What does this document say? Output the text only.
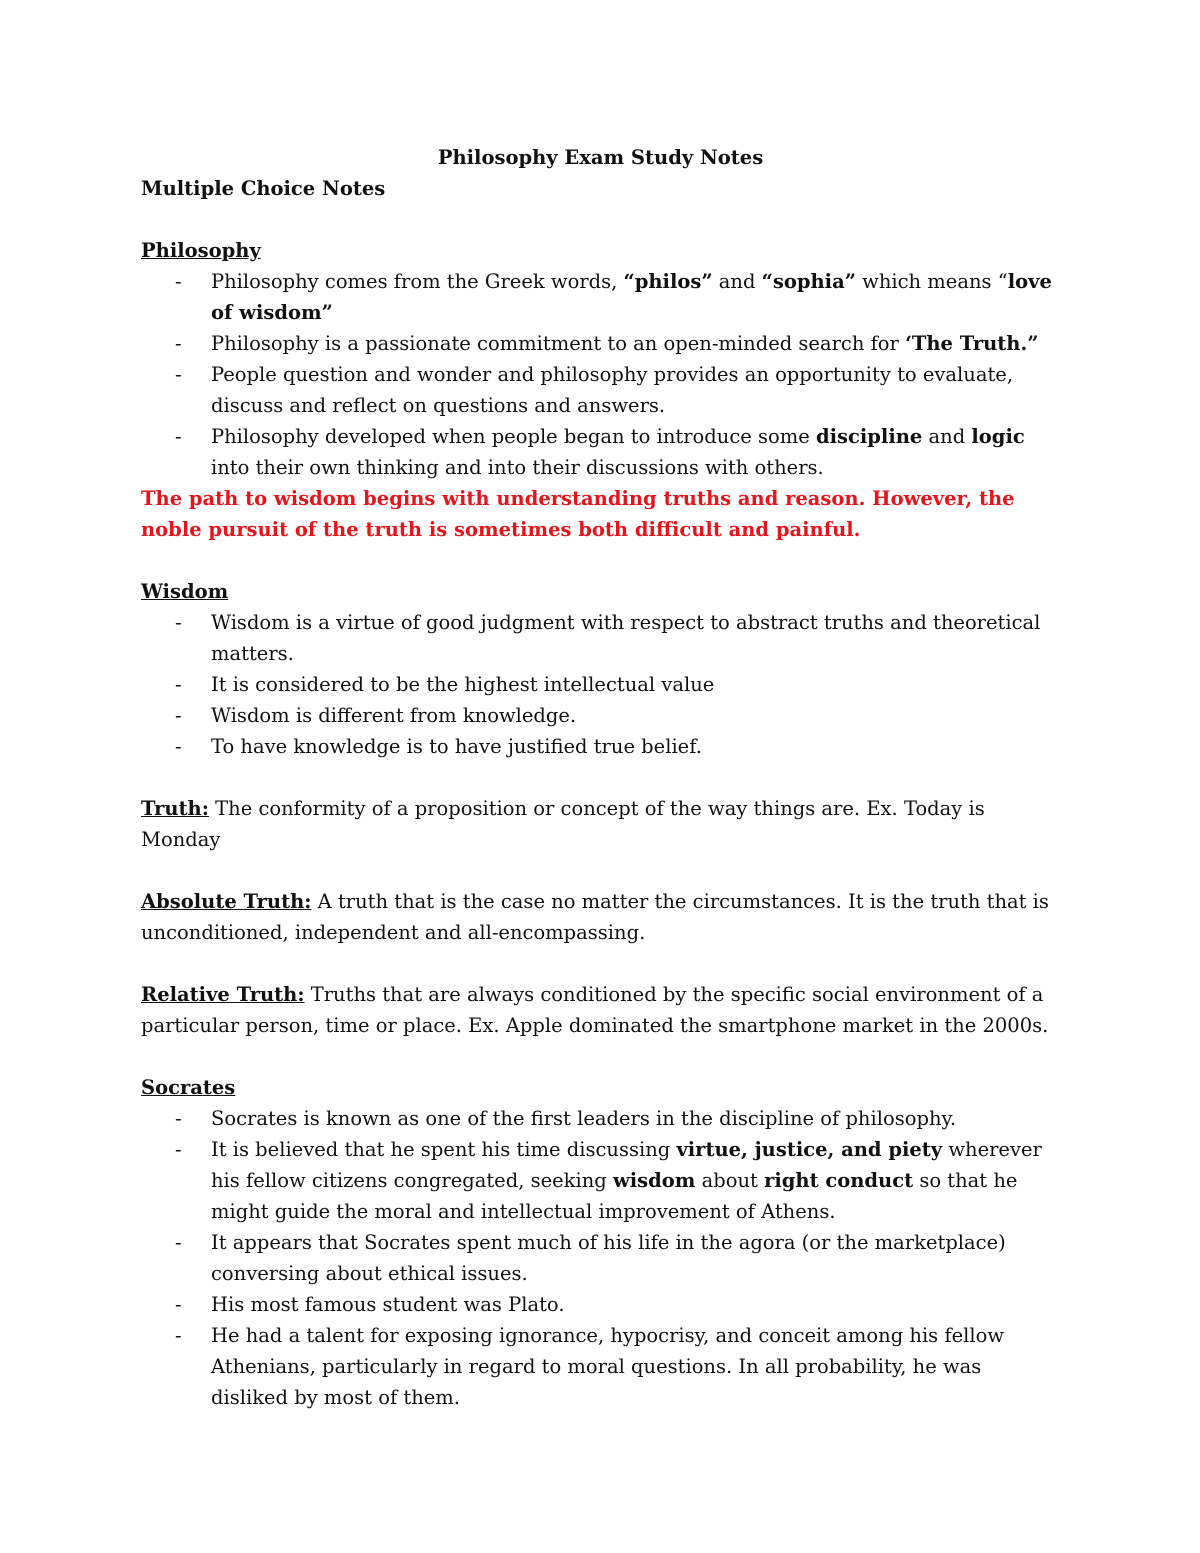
Philosophy Exam Study Notes

Multiple Choice Notes

Philosophy

- Philosophy comes from the Greek words, “philos” and “sophia” which means “love of wisdom”
- Philosophy is a passionate commitment to an open-minded search for ‘The Truth.”
- People question and wonder and philosophy provides an opportunity to evaluate, discuss and reflect on questions and answers.
- Philosophy developed when people began to introduce some discipline and logic into their own thinking and into their discussions with others.

The path to wisdom begins with understanding truths and reason. However, the noble pursuit of the truth is sometimes both difficult and painful.

Wisdom

- Wisdom is a virtue of good judgment with respect to abstract truths and theoretical matters.
- It is considered to be the highest intellectual value
- Wisdom is different from knowledge.
- To have knowledge is to have justified true belief.

Truth: The conformity of a proposition or concept of the way things are. Ex. Today is Monday

Absolute Truth: A truth that is the case no matter the circumstances. It is the truth that is unconditioned, independent and all-encompassing.

Relative Truth: Truths that are always conditioned by the specific social environment of a particular person, time or place. Ex. Apple dominated the smartphone market in the 2000s.

Socrates

- Socrates is known as one of the first leaders in the discipline of philosophy.
- It is believed that he spent his time discussing virtue, justice, and piety wherever his fellow citizens congregated, seeking wisdom about right conduct so that he might guide the moral and intellectual improvement of Athens.
- It appears that Socrates spent much of his life in the agora (or the marketplace) conversing about ethical issues.
- His most famous student was Plato.
- He had a talent for exposing ignorance, hypocrisy, and conceit among his fellow Athenians, particularly in regard to moral questions. In all probability, he was disliked by most of them.
